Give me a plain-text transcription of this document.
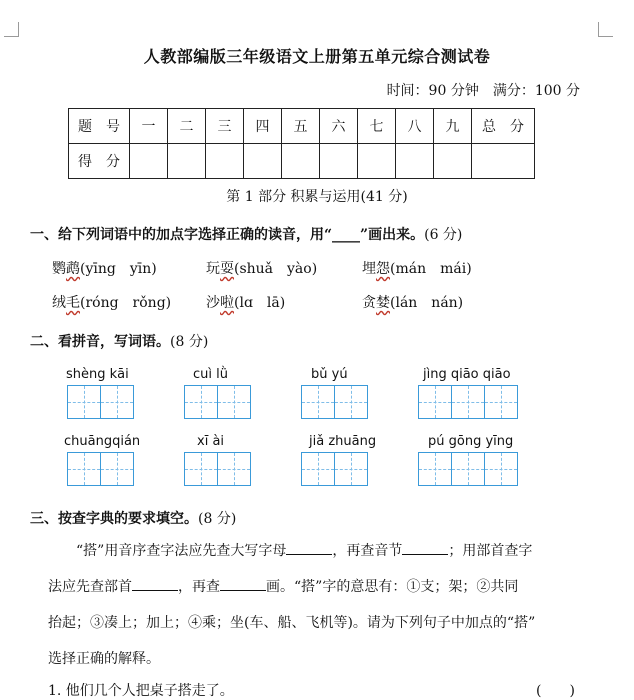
人教部编版三年级语文上册第五单元综合测试卷
时间：90 分钟　满分：100 分
题　号	一	二	三	四	五	六	七	八	九	总　分
得　分										
第 1 部分 积累与运用(41 分)
一、给下列词语中的加点字选择正确的读音，用“____”画出来。(6 分)
鹦鹉(yīng　yīn)	玩耍(shuǎ　yào)	埋怨(mán　mái)
绒毛(róng　rǒng) 沙啦(lɑ　lā)	贪婪(lán　nán)
二、看拼音，写词语。(8 分)
shèng kāi	cuì lǜ	bǔ yú	jìng qiāo qiāo
chuāngqián	xī ài	jiǎ zhuāng	pú gōng yīng
三、按查字典的要求填空。(8 分)
“搭”用音序查字法应先查大写字母	，再查音节	；用部首查字
法应先查部首	，再查	画。“搭”字的意思有：①支；架；②共同
抬起；③凑上；加上；④乘；坐(车、船、飞机等)。请为下列句子中加点的“搭”
选择正确的解释。
1. 他们几个人把桌子搭走了。	(　　)
